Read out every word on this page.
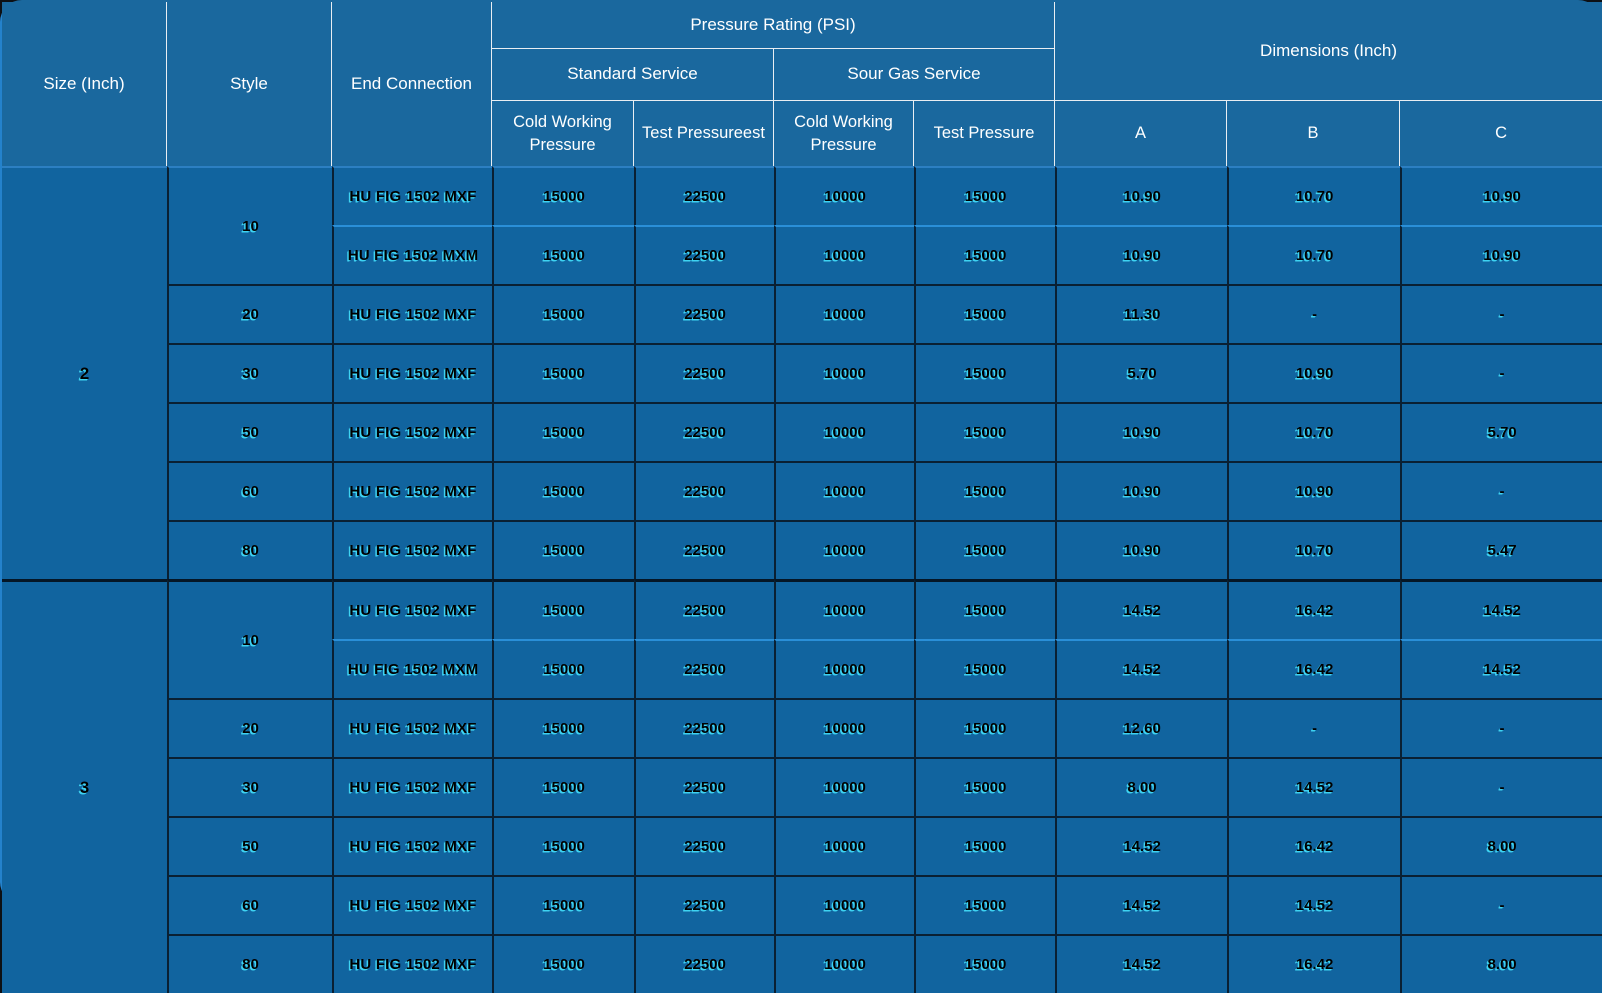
Size (Inch)	Style	End Connection	Pressure Rating (PSI)				Dimensions (Inch)		
			Standard Service		Sour Gas Service				
			Cold Working Pressure	Test Pressureest	Cold Working Pressure	Test Pressure	A	B	C
2	10	HU FIG 1502 MXF	15000	22500	10000	15000	10.90	10.70	10.90
		HU FIG 1502 MXM	15000	22500	10000	15000	10.90	10.70	10.90
	20	HU FIG 1502 MXF	15000	22500	10000	15000	11.30	-	-
	30	HU FIG 1502 MXF	15000	22500	10000	15000	5.70	10.90	-
	50	HU FIG 1502 MXF	15000	22500	10000	15000	10.90	10.70	5.70
	60	HU FIG 1502 MXF	15000	22500	10000	15000	10.90	10.90	-
	80	HU FIG 1502 MXF	15000	22500	10000	15000	10.90	10.70	5.47
3	10	HU FIG 1502 MXF	15000	22500	10000	15000	14.52	16.42	14.52
		HU FIG 1502 MXM	15000	22500	10000	15000	14.52	16.42	14.52
	20	HU FIG 1502 MXF	15000	22500	10000	15000	12.60	-	-
	30	HU FIG 1502 MXF	15000	22500	10000	15000	8.00	14.52	-
	50	HU FIG 1502 MXF	15000	22500	10000	15000	14.52	16.42	8.00
	60	HU FIG 1502 MXF	15000	22500	10000	15000	14.52	14.52	-
	80	HU FIG 1502 MXF	15000	22500	10000	15000	14.52	16.42	8.00
